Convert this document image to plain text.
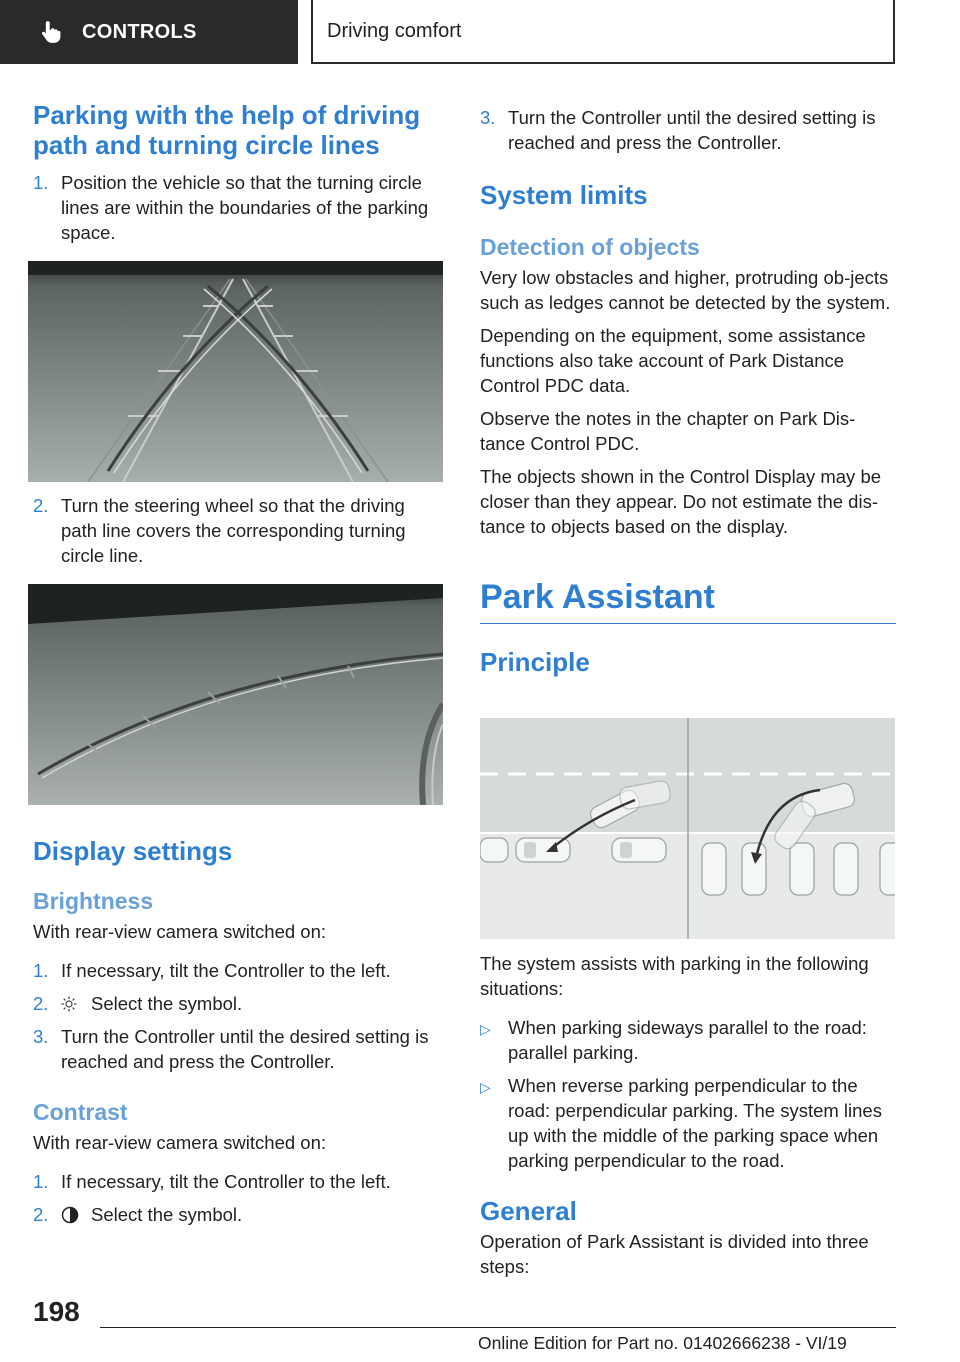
CONTROLS	Driving comfort
Parking with the help of driving path and turning circle lines
1. Position the vehicle so that the turning circle lines are within the boundaries of the parking space.
2. Turn the steering wheel so that the driving path line covers the corresponding turning circle line.
Display settings
Brightness

With rear-view camera switched on:

1. If necessary, tilt the Controller to the left.
2.	Select the symbol.
3. Turn the Controller until the desired setting is reached and press the Controller.
Contrast

With rear-view camera switched on:

1. If necessary, tilt the Controller to the left.
2.	Select the symbol.
3. Turn the Controller until the desired setting is reached and press the Controller.
System limits
Detection of objects

Very low obstacles and higher, protruding ob‐jects such as ledges cannot be detected by the system.

Depending on the equipment, some assistance functions also take account of Park Distance Control PDC data.

Observe the notes in the chapter on Park Dis‐tance Control PDC.

The objects shown in the Control Display may be closer than they appear. Do not estimate the dis‐tance to objects based on the display.

Park Assistant
Principle

The system assists with parking in the following situations:

▷ When parking sideways parallel to the road: parallel parking.
▷ When reverse parking perpendicular to the road: perpendicular parking. The system lines up with the middle of the parking space when parking perpendicular to the road.
General

Operation of Park Assistant is divided into three steps:

198
Online Edition for Part no. 01402666238 - VI/19
